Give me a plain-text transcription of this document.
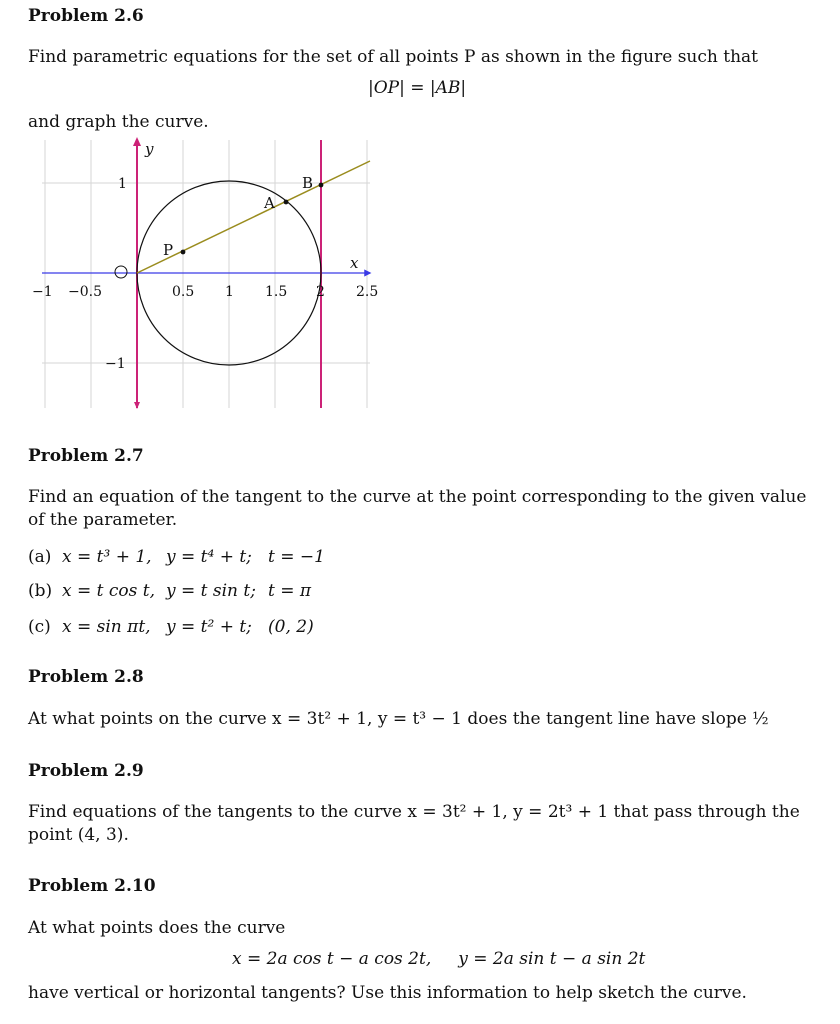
Problem 2.6
Find parametric equations for the set of all points P as shown in the figure such that
|OP| = |AB|
and graph the curve.
P
A
B
y
x
1
−1
−1 −0.5	0.5 1 1.5 2 2.5
Problem 2.7
Find an equation of the tangent to the curve at the point corresponding to the given value of the parameter.
(a) x = t³ + 1, y = t⁴ + t; t = −1
(b) x = t cos t, y = t sin t; t = π
(c) x = sin πt, y = t² + t; (0, 2)
Problem 2.8
At what points on the curve x = 3t² + 1, y = t³ − 1 does the tangent line have slope ½
Problem 2.9
Find equations of the tangents to the curve x = 3t² + 1, y = 2t³ + 1 that pass through the point (4, 3).
Problem 2.10
At what points does the curve
x = 2a cos t − a cos 2t,     y = 2a sin t − a sin 2t
have vertical or horizontal tangents? Use this information to help sketch the curve.
